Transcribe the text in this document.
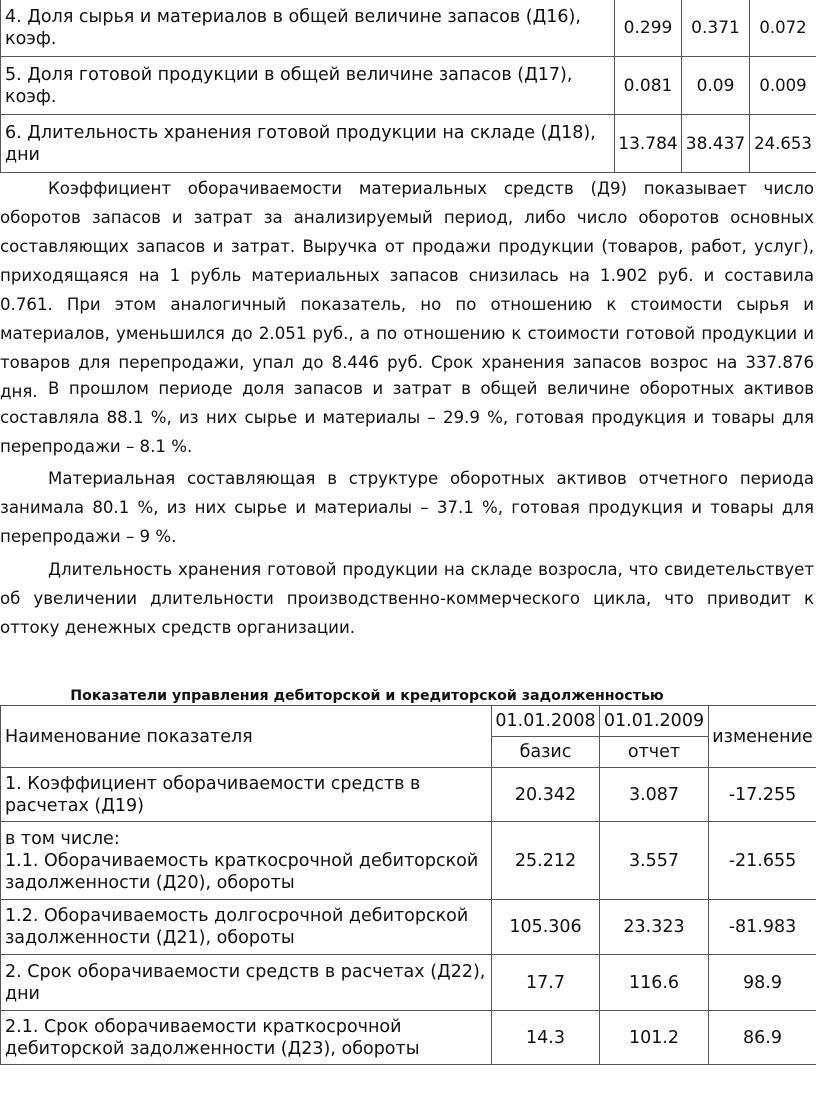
4. Доля сырья и материалов в общей величине запасов (Д16), коэф.	0.299	0.371	0.072
5. Доля готовой продукции в общей величине запасов (Д17), коэф.	0.081	0.09	0.009
6. Длительность хранения готовой продукции на складе (Д18), дни	13.784	38.437	24.653

Коэффициент оборачиваемости материальных средств (Д9) показывает число оборотов запасов и затрат за анализируемый период, либо число оборотов основных составляющих запасов и затрат. Выручка от продажи продукции (товаров, работ, услуг), приходящаяся на 1 рубль материальных запасов снизилась на 1.902 руб. и составила 0.761. При этом аналогичный показатель, но по отношению к стоимости сырья и материалов, уменьшился до 2.051 руб., а по отношению к стоимости готовой продукции и товаров для перепродажи, упал до 8.446 руб. Срок хранения запасов возрос на 337.876 дня. В прошлом периоде доля запасов и затрат в общей величине оборотных активов составляла 88.1 %, из них сырье и материалы – 29.9 %, готовая продукция и товары для перепродажи – 8.1 %.

Материальная составляющая в структуре оборотных активов отчетного периода занимала 80.1 %, из них сырье и материалы – 37.1 %, готовая продукция и товары для перепродажи – 9 %.

Длительность хранения готовой продукции на складе возросла, что свидетельствует об увеличении длительности производственно-коммерческого цикла, что приводит к оттоку денежных средств организации.

Показатели управления дебиторской и кредиторской задолженностью
Наименование показателя	01.01.2008	01.01.2009	изменение
	базис	отчет	
1. Коэффициент оборачиваемости средств в расчетах (Д19)	20.342	3.087	-17.255

в том числе:
1.1. Оборачиваемость краткосрочной дебиторской задолженности (Д20), обороты	25.212	3.557	-21.655
1.2. Оборачиваемость долгосрочной дебиторской задолженности (Д21), обороты	105.306	23.323	-81.983
2. Срок оборачиваемости средств в расчетах (Д22), дни	17.7	116.6	98.9
2.1. Срок оборачиваемости краткосрочной дебиторской задолженности (Д23), обороты	14.3	101.2	86.9
